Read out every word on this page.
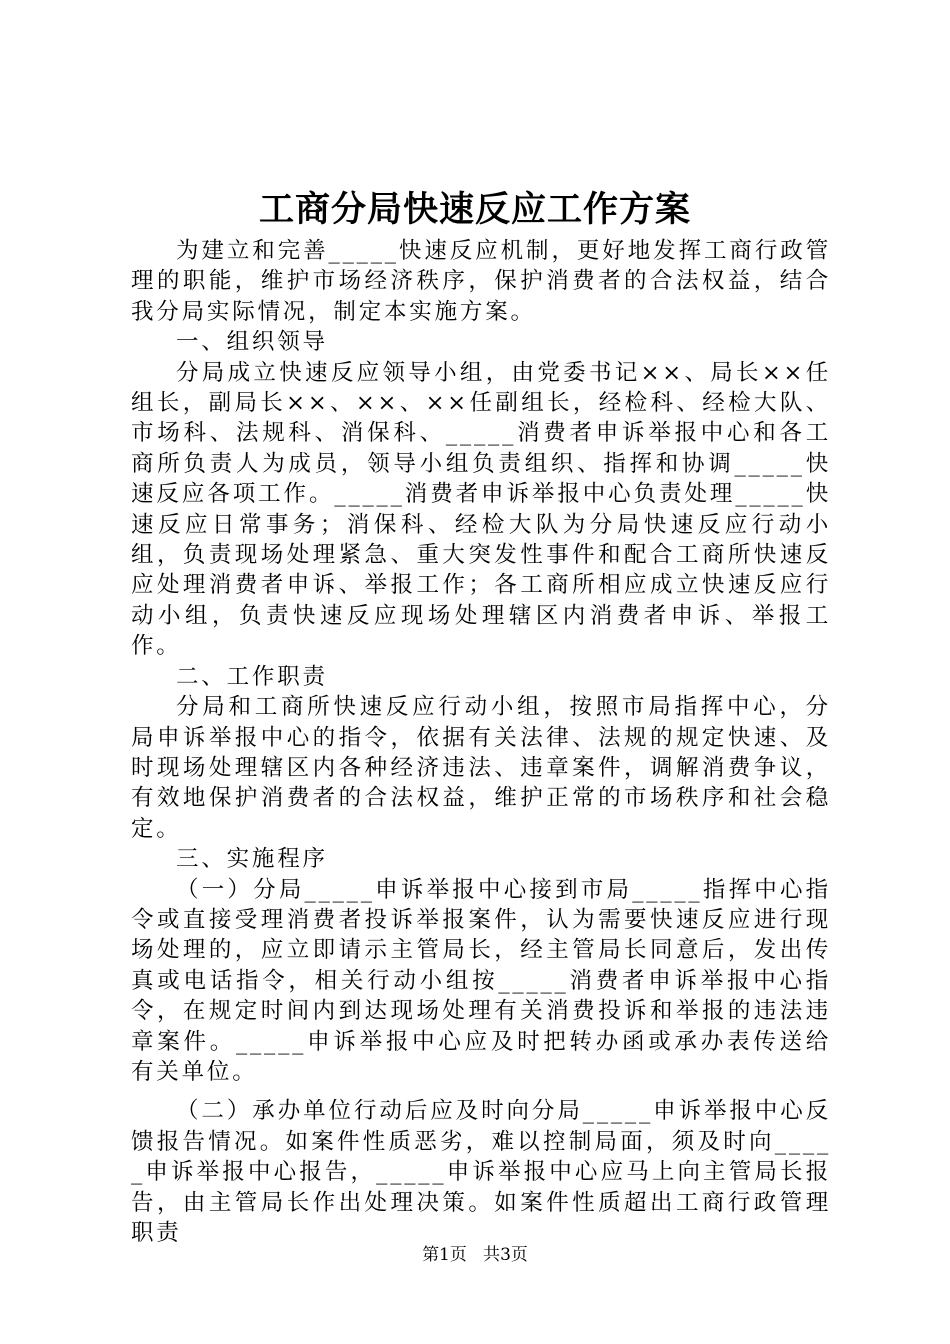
工商分局快速反应工作方案

为建立和完善_____快速反应机制，更好地发挥工商行政管理的职能，维护市场经济秩序，保护消费者的合法权益，结合我分局实际情况，制定本实施方案。

一、组织领导

分局成立快速反应领导小组，由党委书记××、局长××任组长，副局长××、××、××任副组长，经检科、经检大队、市场科、法规科、消保科、_____消费者申诉举报中心和各工商所负责人为成员，领导小组负责组织、指挥和协调_____快速反应各项工作。_____消费者申诉举报中心负责处理_____快速反应日常事务；消保科、经检大队为分局快速反应行动小组，负责现场处理紧急、重大突发性事件和配合工商所快速反应处理消费者申诉、举报工作；各工商所相应成立快速反应行动小组，负责快速反应现场处理辖区内消费者申诉、举报工作。

二、工作职责

分局和工商所快速反应行动小组，按照市局指挥中心，分局申诉举报中心的指令，依据有关法律、法规的规定快速、及时现场处理辖区内各种经济违法、违章案件，调解消费争议，有效地保护消费者的合法权益，维护正常的市场秩序和社会稳定。

三、实施程序

（一）分局_____申诉举报中心接到市局_____指挥中心指令或直接受理消费者投诉举报案件，认为需要快速反应进行现场处理的，应立即请示主管局长，经主管局长同意后，发出传真或电话指令，相关行动小组按_____消费者申诉举报中心指令，在规定时间内到达现场处理有关消费投诉和举报的违法违章案件。_____申诉举报中心应及时把转办函或承办表传送给有关单位。

（二）承办单位行动后应及时向分局_____申诉举报中心反馈报告情况。如案件性质恶劣，难以控制局面，须及时向_____申诉举报中心报告，_____申诉举报中心应马上向主管局长报告，由主管局长作出处理决策。如案件性质超出工商行政管理职责

第1页 共3页
